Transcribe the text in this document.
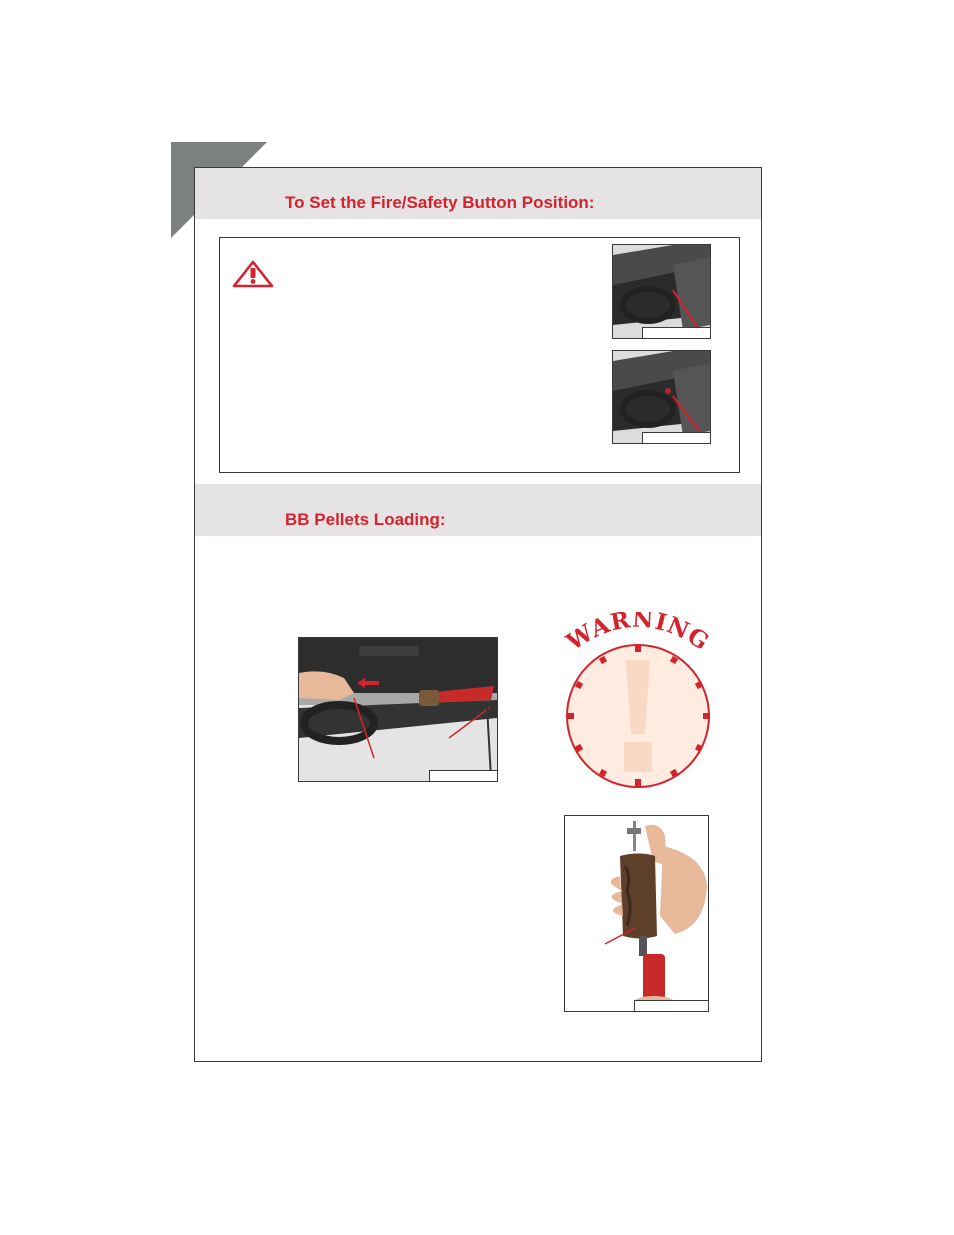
To Set the Fire/Safety Button Position:
BB Pellets Loading:
WARNING
